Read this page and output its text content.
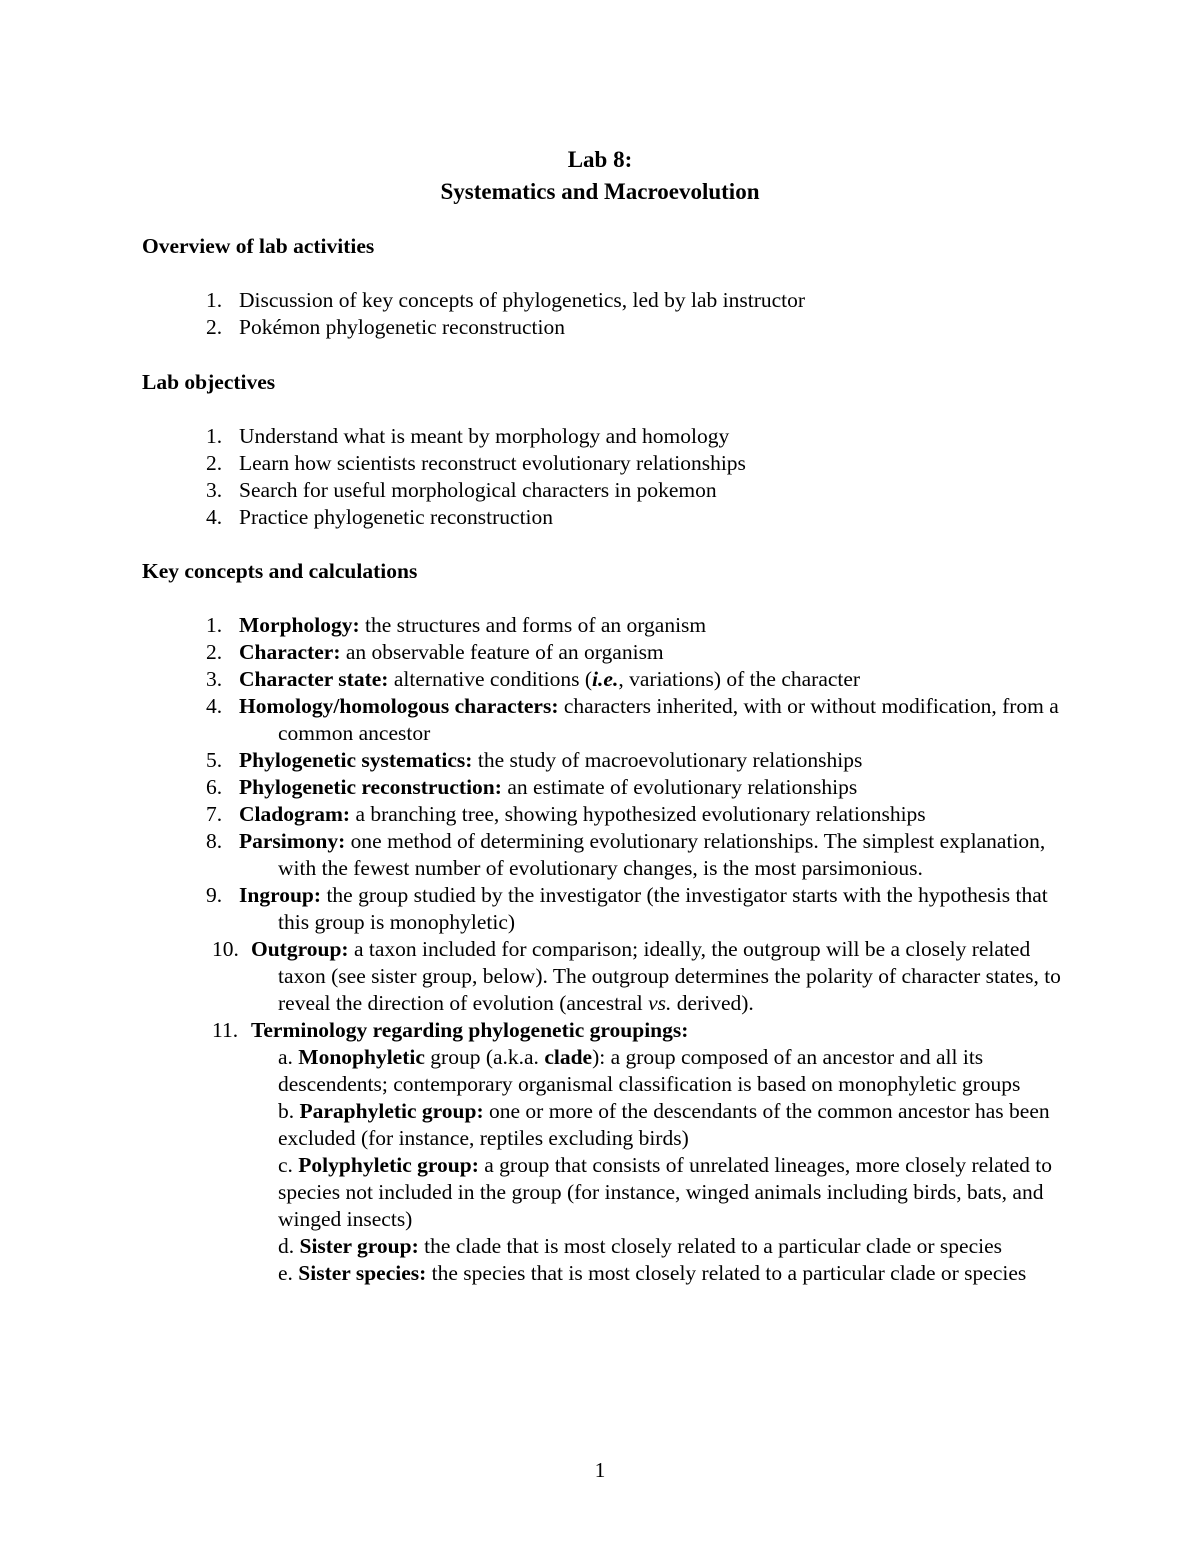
Lab 8:
Systematics and Macroevolution
Overview of lab activities
1. Discussion of key concepts of phylogenetics, led by lab instructor
2. Pokémon phylogenetic reconstruction
Lab objectives
1. Understand what is meant by morphology and homology
2. Learn how scientists reconstruct evolutionary relationships
3. Search for useful morphological characters in pokemon
4. Practice phylogenetic reconstruction
Key concepts and calculations
1. Morphology: the structures and forms of an organism
2. Character: an observable feature of an organism
3. Character state: alternative conditions (i.e., variations) of the character
4. Homology/homologous characters: characters inherited, with or without modification, from a common ancestor
5. Phylogenetic systematics: the study of macroevolutionary relationships
6. Phylogenetic reconstruction: an estimate of evolutionary relationships
7. Cladogram: a branching tree, showing hypothesized evolutionary relationships
8. Parsimony: one method of determining evolutionary relationships. The simplest explanation, with the fewest number of evolutionary changes, is the most parsimonious.
9. Ingroup: the group studied by the investigator (the investigator starts with the hypothesis that this group is monophyletic)
10. Outgroup: a taxon included for comparison; ideally, the outgroup will be a closely related taxon (see sister group, below). The outgroup determines the polarity of character states, to reveal the direction of evolution (ancestral vs. derived).
11. Terminology regarding phylogenetic groupings:
a. Monophyletic group (a.k.a. clade): a group composed of an ancestor and all its descendents; contemporary organismal classification is based on monophyletic groups
b. Paraphyletic group: one or more of the descendants of the common ancestor has been excluded (for instance, reptiles excluding birds)
c. Polyphyletic group: a group that consists of unrelated lineages, more closely related to species not included in the group (for instance, winged animals including birds, bats, and winged insects)
d. Sister group: the clade that is most closely related to a particular clade or species
e. Sister species: the species that is most closely related to a particular clade or species
1
